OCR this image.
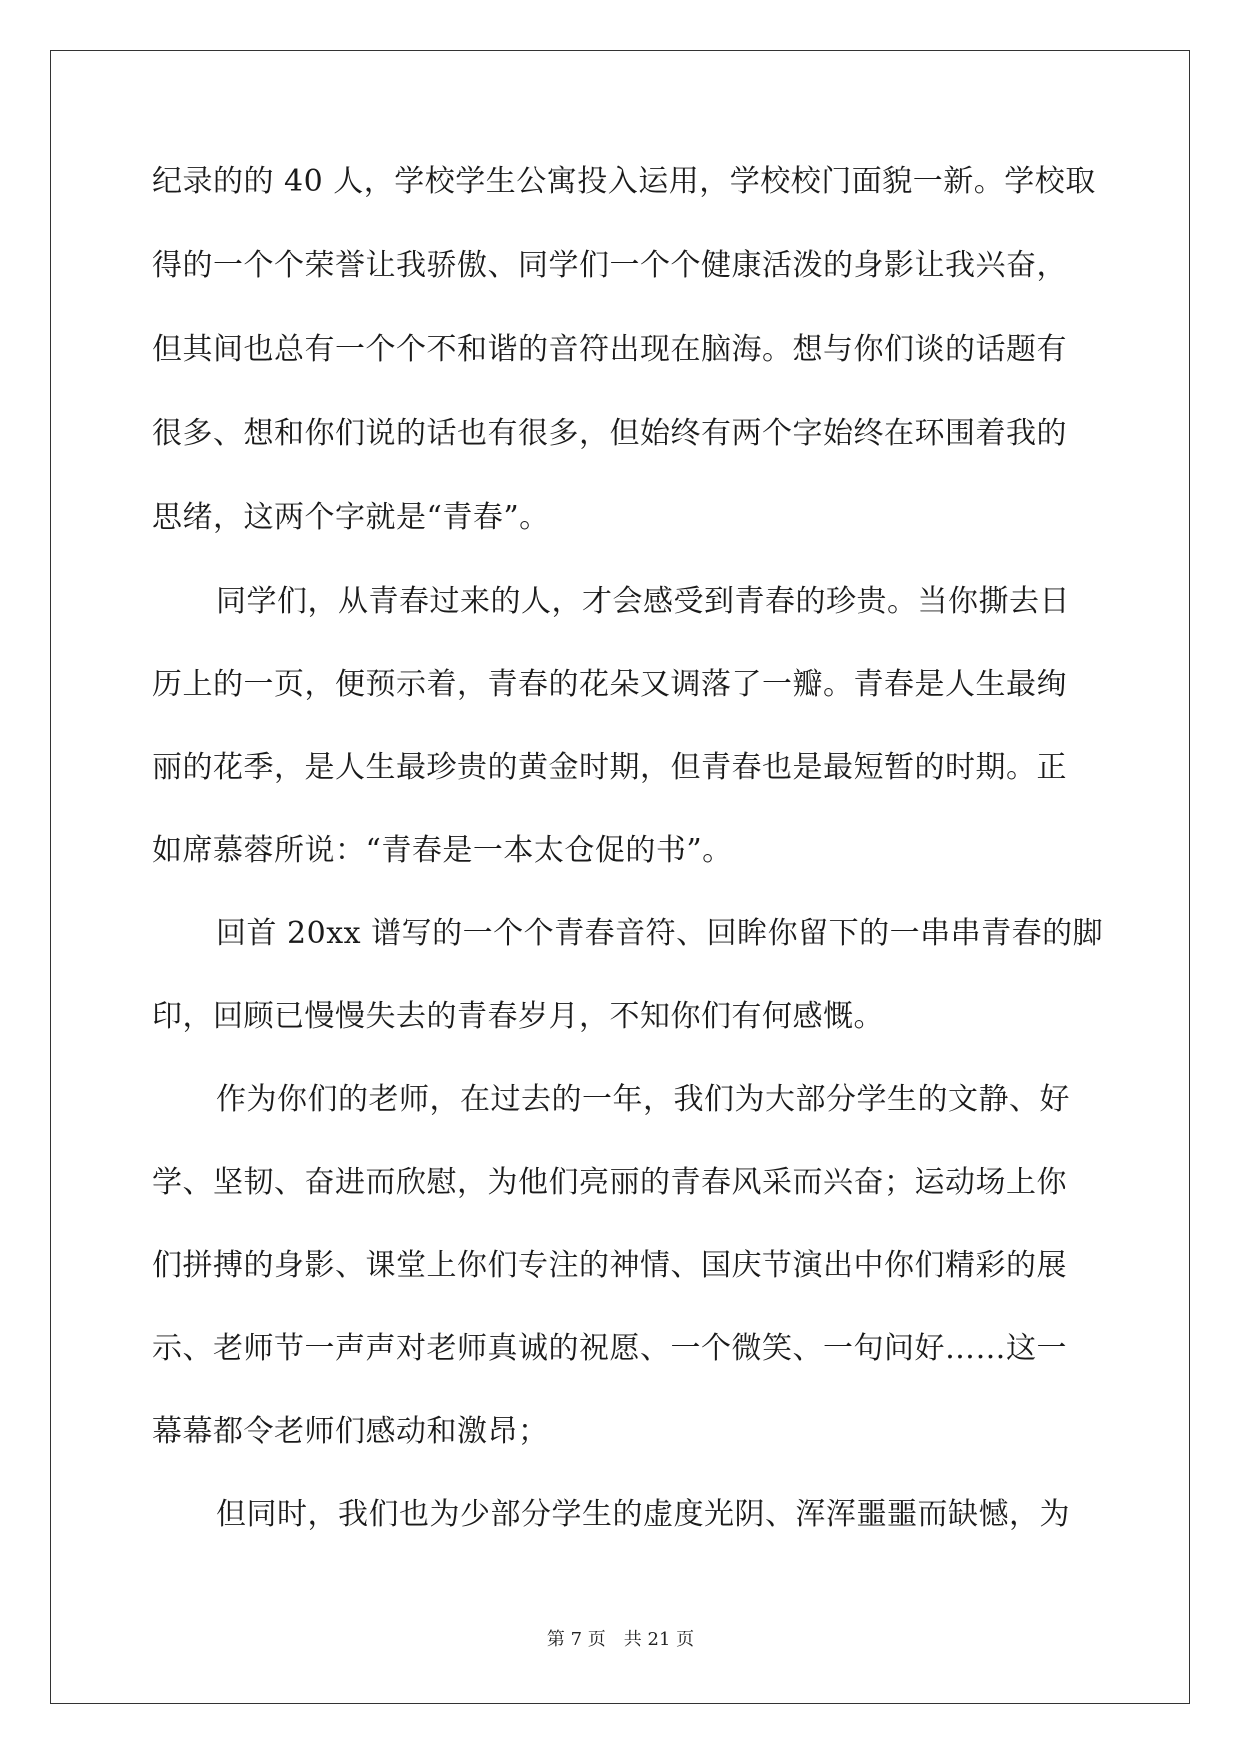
纪录的的 40 人，学校学生公寓投入运用，学校校门面貌一新。学校取
得的一个个荣誉让我骄傲、同学们一个个健康活泼的身影让我兴奋，
但其间也总有一个个不和谐的音符出现在脑海。想与你们谈的话题有
很多、想和你们说的话也有很多，但始终有两个字始终在环围着我的
思绪，这两个字就是“青春”。
同学们，从青春过来的人，才会感受到青春的珍贵。当你撕去日
历上的一页，便预示着，青春的花朵又调落了一瓣。青春是人生最绚
丽的花季，是人生最珍贵的黄金时期，但青春也是最短暂的时期。正
如席慕蓉所说：“青春是一本太仓促的书”。
回首 20xx 谱写的一个个青春音符、回眸你留下的一串串青春的脚
印，回顾已慢慢失去的青春岁月，不知你们有何感慨。
作为你们的老师，在过去的一年，我们为大部分学生的文静、好
学、坚韧、奋进而欣慰，为他们亮丽的青春风采而兴奋；运动场上你
们拼搏的身影、课堂上你们专注的神情、国庆节演出中你们精彩的展
示、老师节一声声对老师真诚的祝愿、一个微笑、一句问好……这一
幕幕都令老师们感动和激昂；
但同时，我们也为少部分学生的虚度光阴、浑浑噩噩而缺憾，为
第 7 页　共 21 页
